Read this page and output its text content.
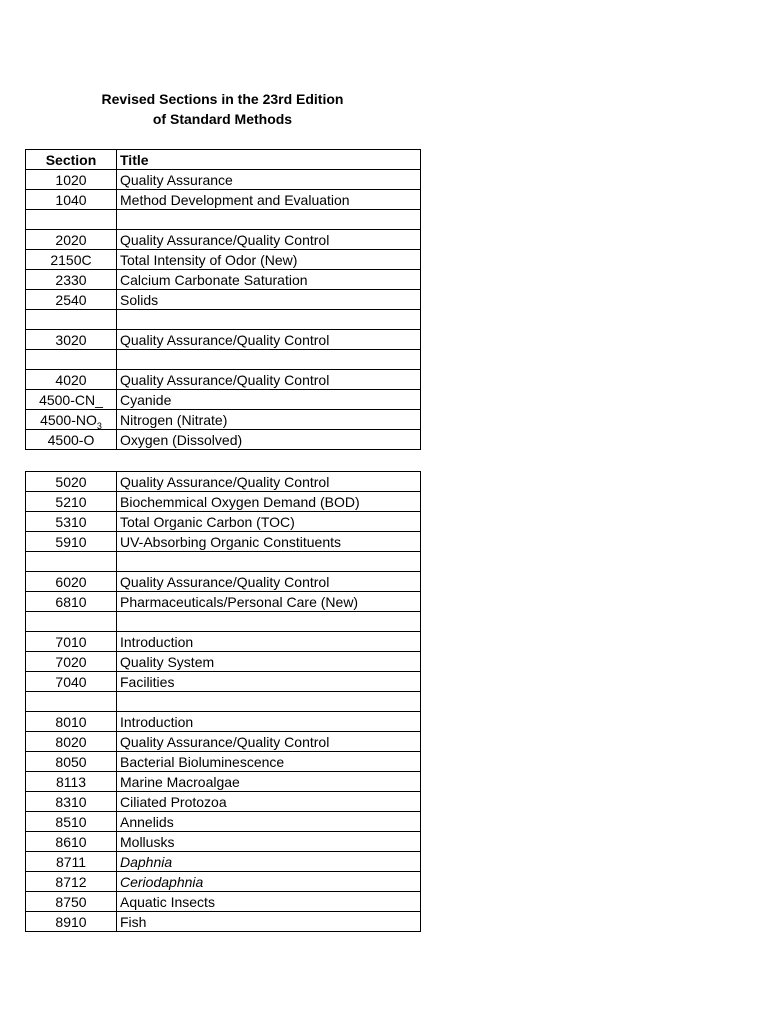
Revised Sections in the 23rd Edition
of Standard Methods
Section	Title
1020	Quality Assurance
1040	Method Development and Evaluation

2020	Quality Assurance/Quality Control
2150C	Total Intensity of Odor (New)
2330	Calcium Carbonate Saturation
2540	Solids

3020	Quality Assurance/Quality Control

4020	Quality Assurance/Quality Control
4500-CN_	Cyanide
$4500-NO_3$	Nitrogen (Nitrate)
4500-O	Oxygen (Dissolved)
5020	Quality Assurance/Quality Control
5210	Biochemmical Oxygen Demand (BOD)
5310	Total Organic Carbon (TOC)
5910	UV-Absorbing Organic Constituents

6020	Quality Assurance/Quality Control
6810	Pharmaceuticals/Personal Care (New)

7010	Introduction
7020	Quality System
7040	Facilities

8010	Introduction
8020	Quality Assurance/Quality Control
8050	Bacterial Bioluminescence
8113	Marine Macroalgae
8310	Ciliated Protozoa
8510	Annelids
8610	Mollusks
8711	Daphnia
8712	Ceriodaphnia
8750	Aquatic Insects
8910	Fish
